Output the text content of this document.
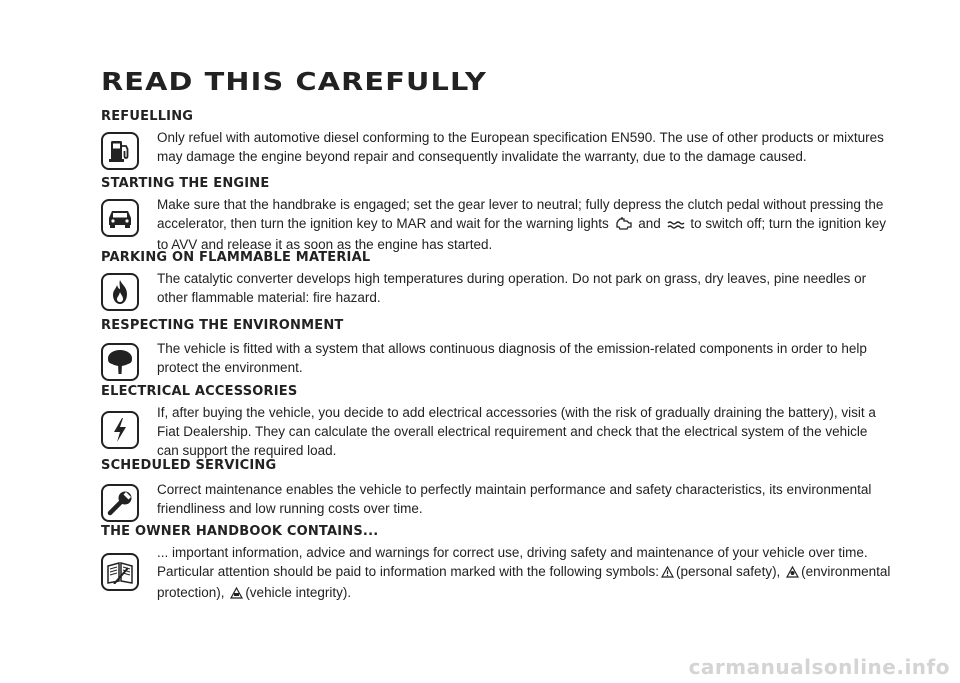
READ THIS CAREFULLY
REFUELLING
Only refuel with automotive diesel conforming to the European specification EN590. The use of other products or mixtures may damage the engine beyond repair and consequently invalidate the warranty, due to the damage caused.
STARTING THE ENGINE
Make sure that the handbrake is engaged; set the gear lever to neutral; fully depress the clutch pedal without pressing the accelerator, then turn the ignition key to MAR and wait for the warning lights and to switch off; turn the ignition key to AVV and release it as soon as the engine has started.
PARKING ON FLAMMABLE MATERIAL
The catalytic converter develops high temperatures during operation. Do not park on grass, dry leaves, pine needles or other flammable material: fire hazard.
RESPECTING THE ENVIRONMENT
The vehicle is fitted with a system that allows continuous diagnosis of the emission-related components in order to help protect the environment.
ELECTRICAL ACCESSORIES
If, after buying the vehicle, you decide to add electrical accessories (with the risk of gradually draining the battery), visit a Fiat Dealership. They can calculate the overall electrical requirement and check that the electrical system of the vehicle can support the required load.
SCHEDULED SERVICING
Correct maintenance enables the vehicle to perfectly maintain performance and safety characteristics, its environmental friendliness and low running costs over time.
THE OWNER HANDBOOK CONTAINS...
... important information, advice and warnings for correct use, driving safety and maintenance of your vehicle over time. Particular attention should be paid to information marked with the following symbols: (personal safety), (environmental protection), (vehicle integrity).
carmanualsonline.info
